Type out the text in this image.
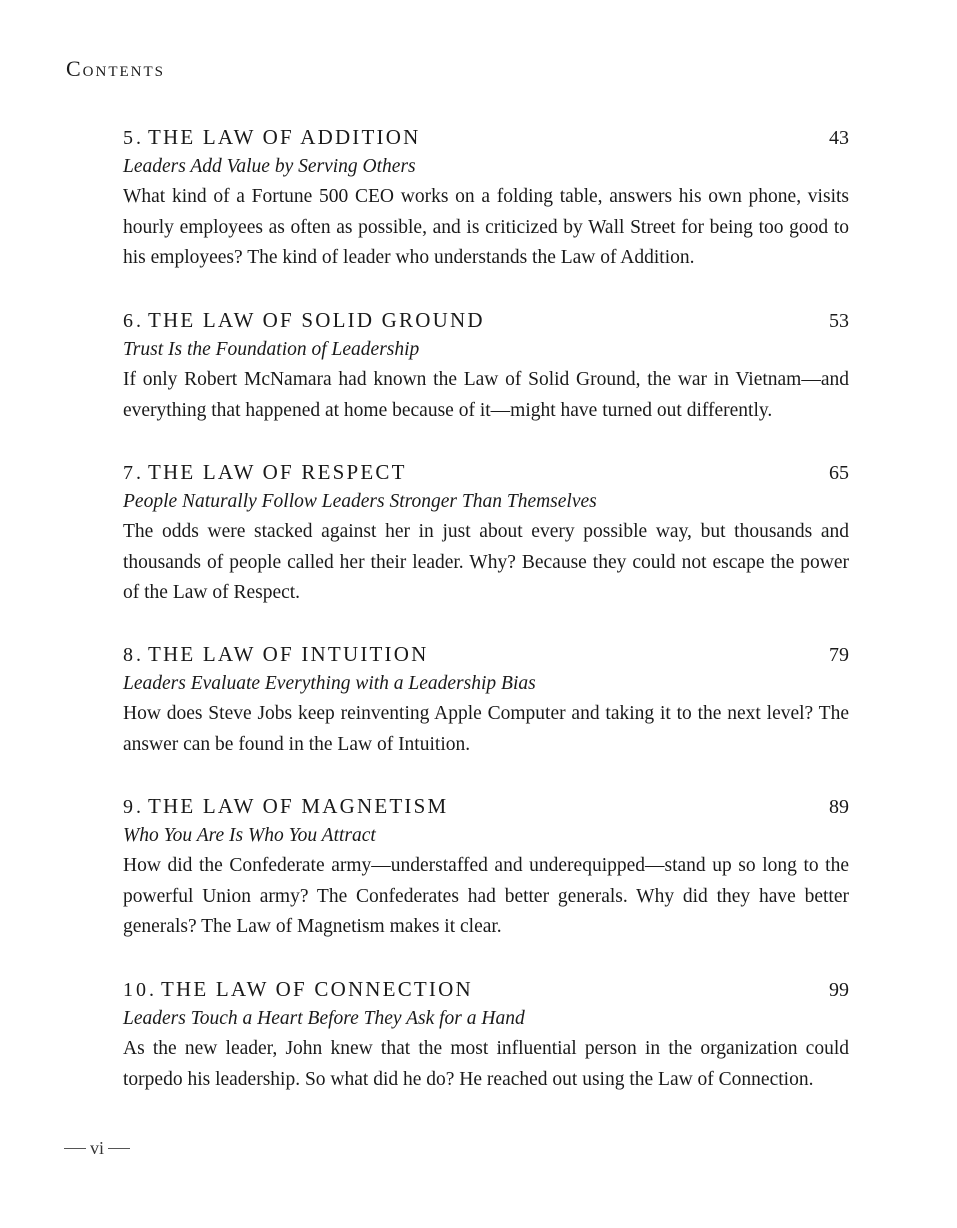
Contents
5. THE LAW OF ADDITION	43
Leaders Add Value by Serving Others

What kind of a Fortune 500 CEO works on a folding table, answers his own phone, visits hourly employees as often as possible, and is criticized by Wall Street for being too good to his employees? The kind of leader who understands the Law of Addition.

6. THE LAW OF SOLID GROUND	53
Trust Is the Foundation of Leadership

If only Robert McNamara had known the Law of Solid Ground, the war in Vietnam—and everything that happened at home because of it—might have turned out differently.

7. THE LAW OF RESPECT	65
People Naturally Follow Leaders Stronger Than Themselves

The odds were stacked against her in just about every possible way, but thousands and thousands of people called her their leader. Why? Because they could not escape the power of the Law of Respect.

8. THE LAW OF INTUITION	79
Leaders Evaluate Everything with a Leadership Bias

How does Steve Jobs keep reinventing Apple Computer and taking it to the next level? The answer can be found in the Law of Intuition.

9. THE LAW OF MAGNETISM	89
Who You Are Is Who You Attract

How did the Confederate army—understaffed and underequipped—stand up so long to the powerful Union army? The Confederates had better generals. Why did they have better generals? The Law of Magnetism makes it clear.

10. THE LAW OF CONNECTION	99
Leaders Touch a Heart Before They Ask for a Hand

As the new leader, John knew that the most influential person in the organization could torpedo his leadership. So what did he do? He reached out using the Law of Connection.

vi
